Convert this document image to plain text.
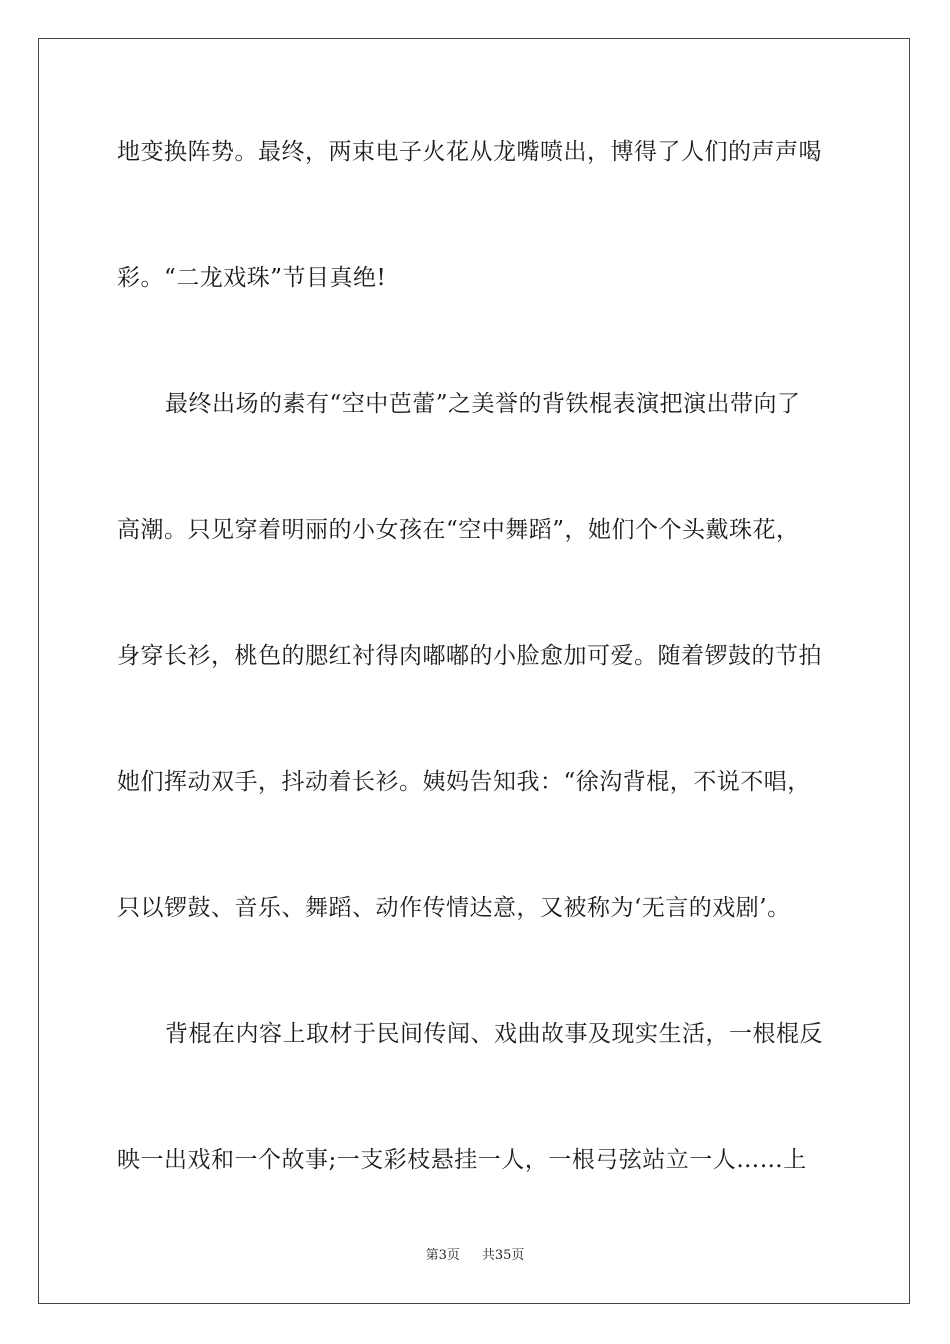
地变换阵势。最终，两束电子火花从龙嘴喷出，博得了人们的声声喝
彩。“二龙戏珠”节目真绝!
最终出场的素有“空中芭蕾”之美誉的背铁棍表演把演出带向了
高潮。只见穿着明丽的小女孩在“空中舞蹈”，她们个个头戴珠花，
身穿长衫，桃色的腮红衬得肉嘟嘟的小脸愈加可爱。随着锣鼓的节拍
她们挥动双手，抖动着长衫。姨妈告知我：“徐沟背棍，不说不唱，
只以锣鼓、音乐、舞蹈、动作传情达意，又被称为‘无言的戏剧’。
背棍在内容上取材于民间传闻、戏曲故事及现实生活，一根棍反
映一出戏和一个故事;一支彩枝悬挂一人，一根弓弦站立一人……上
第3页 共35页
